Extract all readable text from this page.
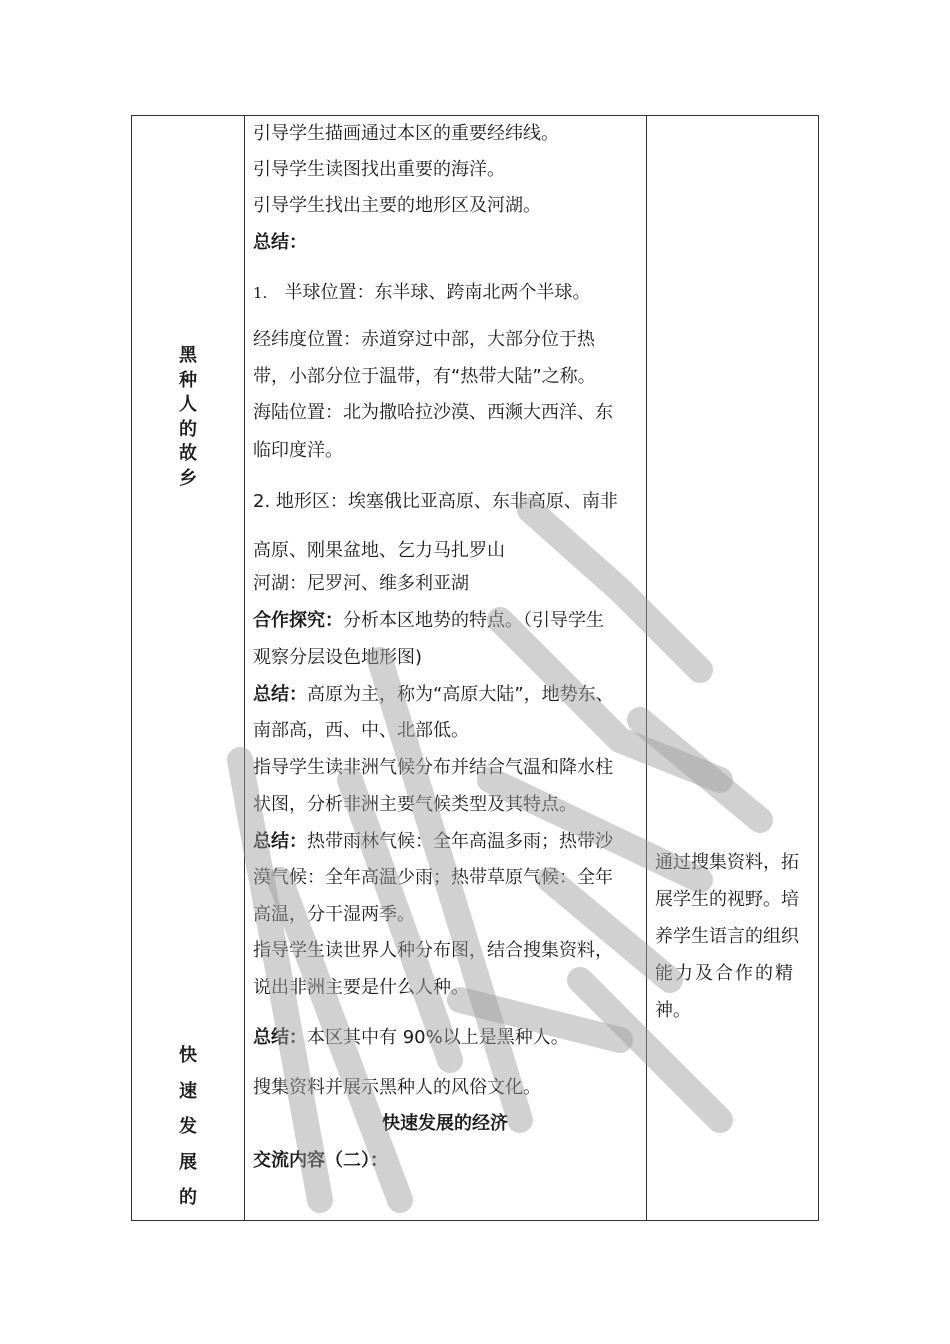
黑
种
人
的
故
乡
快
速
发
展
的
引导学生描画通过本区的重要经纬线。
引导学生读图找出重要的海洋。
引导学生找出主要的地形区及河湖。
总结：
1. 半球位置：东半球、跨南北两个半球。
经纬度位置：赤道穿过中部，大部分位于热
带，小部分位于温带，有“热带大陆”之称。
海陆位置：北为撒哈拉沙漠、西濒大西洋、东
临印度洋。
2. 地形区：埃塞俄比亚高原、东非高原、南非
高原、刚果盆地、乞力马扎罗山
河湖：尼罗河、维多利亚湖
合作探究：分析本区地势的特点。（引导学生
观察分层设色地形图)
总结：高原为主，称为“高原大陆”，地势东、
南部高，西、中、北部低。
指导学生读非洲气候分布并结合气温和降水柱
状图，分析非洲主要气候类型及其特点。
总结：热带雨林气候：全年高温多雨；热带沙
漠气候：全年高温少雨；热带草原气候：全年
高温，分干湿两季。
指导学生读世界人种分布图，结合搜集资料，
说出非洲主要是什么人种。
总结：本区其中有 90%以上是黑种人。
搜集资料并展示黑种人的风俗文化。
快速发展的经济
交流内容（二）：
通过搜集资料，拓
展学生的视野。培
养学生语言的组织
能力及合作的精
神。
